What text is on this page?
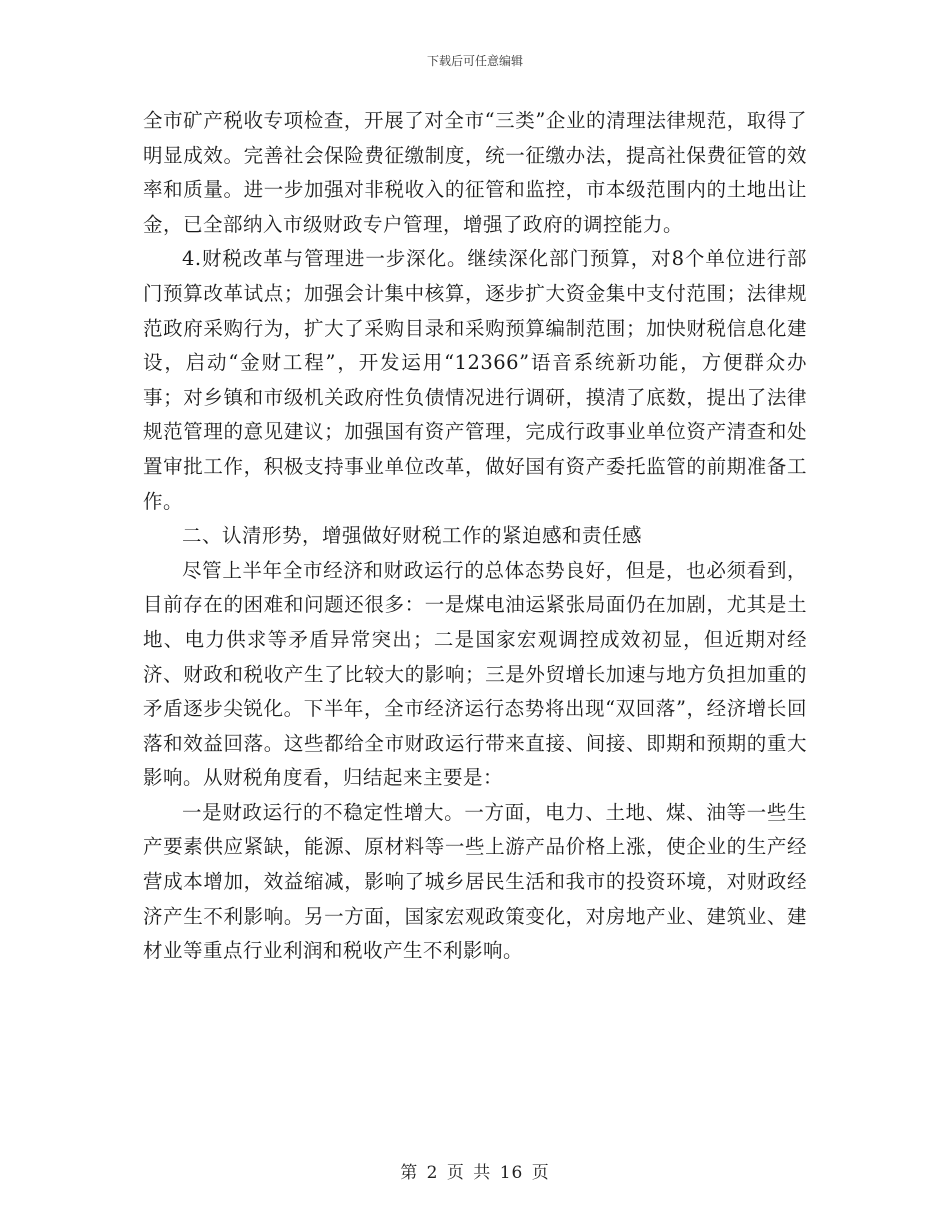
下载后可任意编辑

全市矿产税收专项检查，开展了对全市“三类”企业的清理法律规范，取得了明显成效。完善社会保险费征缴制度，统一征缴办法，提高社保费征管的效率和质量。进一步加强对非税收入的征管和监控，市本级范围内的土地出让金，已全部纳入市级财政专户管理，增强了政府的调控能力。

4.财税改革与管理进一步深化。继续深化部门预算，对8个单位进行部门预算改革试点；加强会计集中核算，逐步扩大资金集中支付范围；法律规范政府采购行为，扩大了采购目录和采购预算编制范围；加快财税信息化建设，启动“金财工程”，开发运用“12366”语音系统新功能，方便群众办事；对乡镇和市级机关政府性负债情况进行调研，摸清了底数，提出了法律规范管理的意见建议；加强国有资产管理，完成行政事业单位资产清查和处置审批工作，积极支持事业单位改革，做好国有资产委托监管的前期准备工作。

二、认清形势，增强做好财税工作的紧迫感和责任感

尽管上半年全市经济和财政运行的总体态势良好，但是，也必须看到，目前存在的困难和问题还很多：一是煤电油运紧张局面仍在加剧，尤其是土地、电力供求等矛盾异常突出；二是国家宏观调控成效初显，但近期对经济、财政和税收产生了比较大的影响；三是外贸增长加速与地方负担加重的矛盾逐步尖锐化。下半年，全市经济运行态势将出现“双回落”，经济增长回落和效益回落。这些都给全市财政运行带来直接、间接、即期和预期的重大影响。从财税角度看，归结起来主要是：

一是财政运行的不稳定性增大。一方面，电力、土地、煤、油等一些生产要素供应紧缺，能源、原材料等一些上游产品价格上涨，使企业的生产经营成本增加，效益缩减，影响了城乡居民生活和我市的投资环境，对财政经济产生不利影响。另一方面，国家宏观政策变化，对房地产业、建筑业、建材业等重点行业利润和税收产生不利影响。

第 2 页 共 16 页
